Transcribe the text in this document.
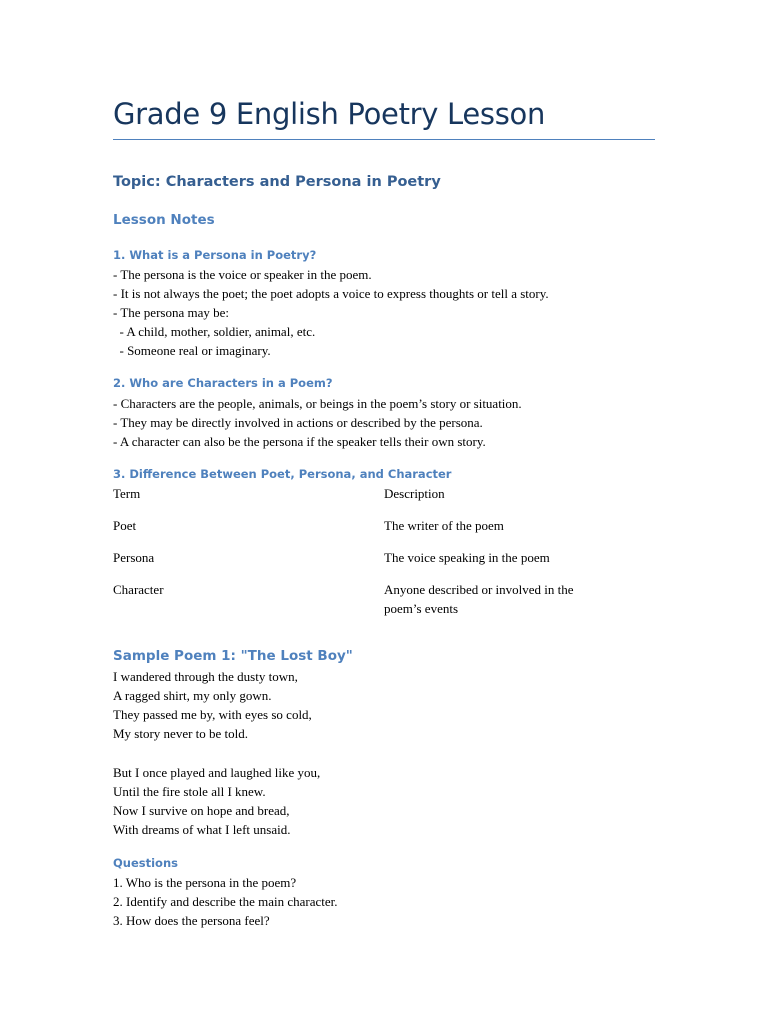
Grade 9 English Poetry Lesson
Topic: Characters and Persona in Poetry
Lesson Notes
1. What is a Persona in Poetry?
- The persona is the voice or speaker in the poem.
- It is not always the poet; the poet adopts a voice to express thoughts or tell a story.
- The persona may be:
- A child, mother, soldier, animal, etc.
- Someone real or imaginary.
2. Who are Characters in a Poem?
- Characters are the people, animals, or beings in the poem’s story or situation.
- They may be directly involved in actions or described by the persona.
- A character can also be the persona if the speaker tells their own story.
3. Difference Between Poet, Persona, and Character
Term	Description
Poet	The writer of the poem
Persona	The voice speaking in the poem
Character	Anyone described or involved in the poem’s events
Sample Poem 1: "The Lost Boy"
I wandered through the dusty town,
A ragged shirt, my only gown.
They passed me by, with eyes so cold,
My story never to be told.
But I once played and laughed like you,
Until the fire stole all I knew.
Now I survive on hope and bread,
With dreams of what I left unsaid.
Questions
1. Who is the persona in the poem?
2. Identify and describe the main character.
3. How does the persona feel?
